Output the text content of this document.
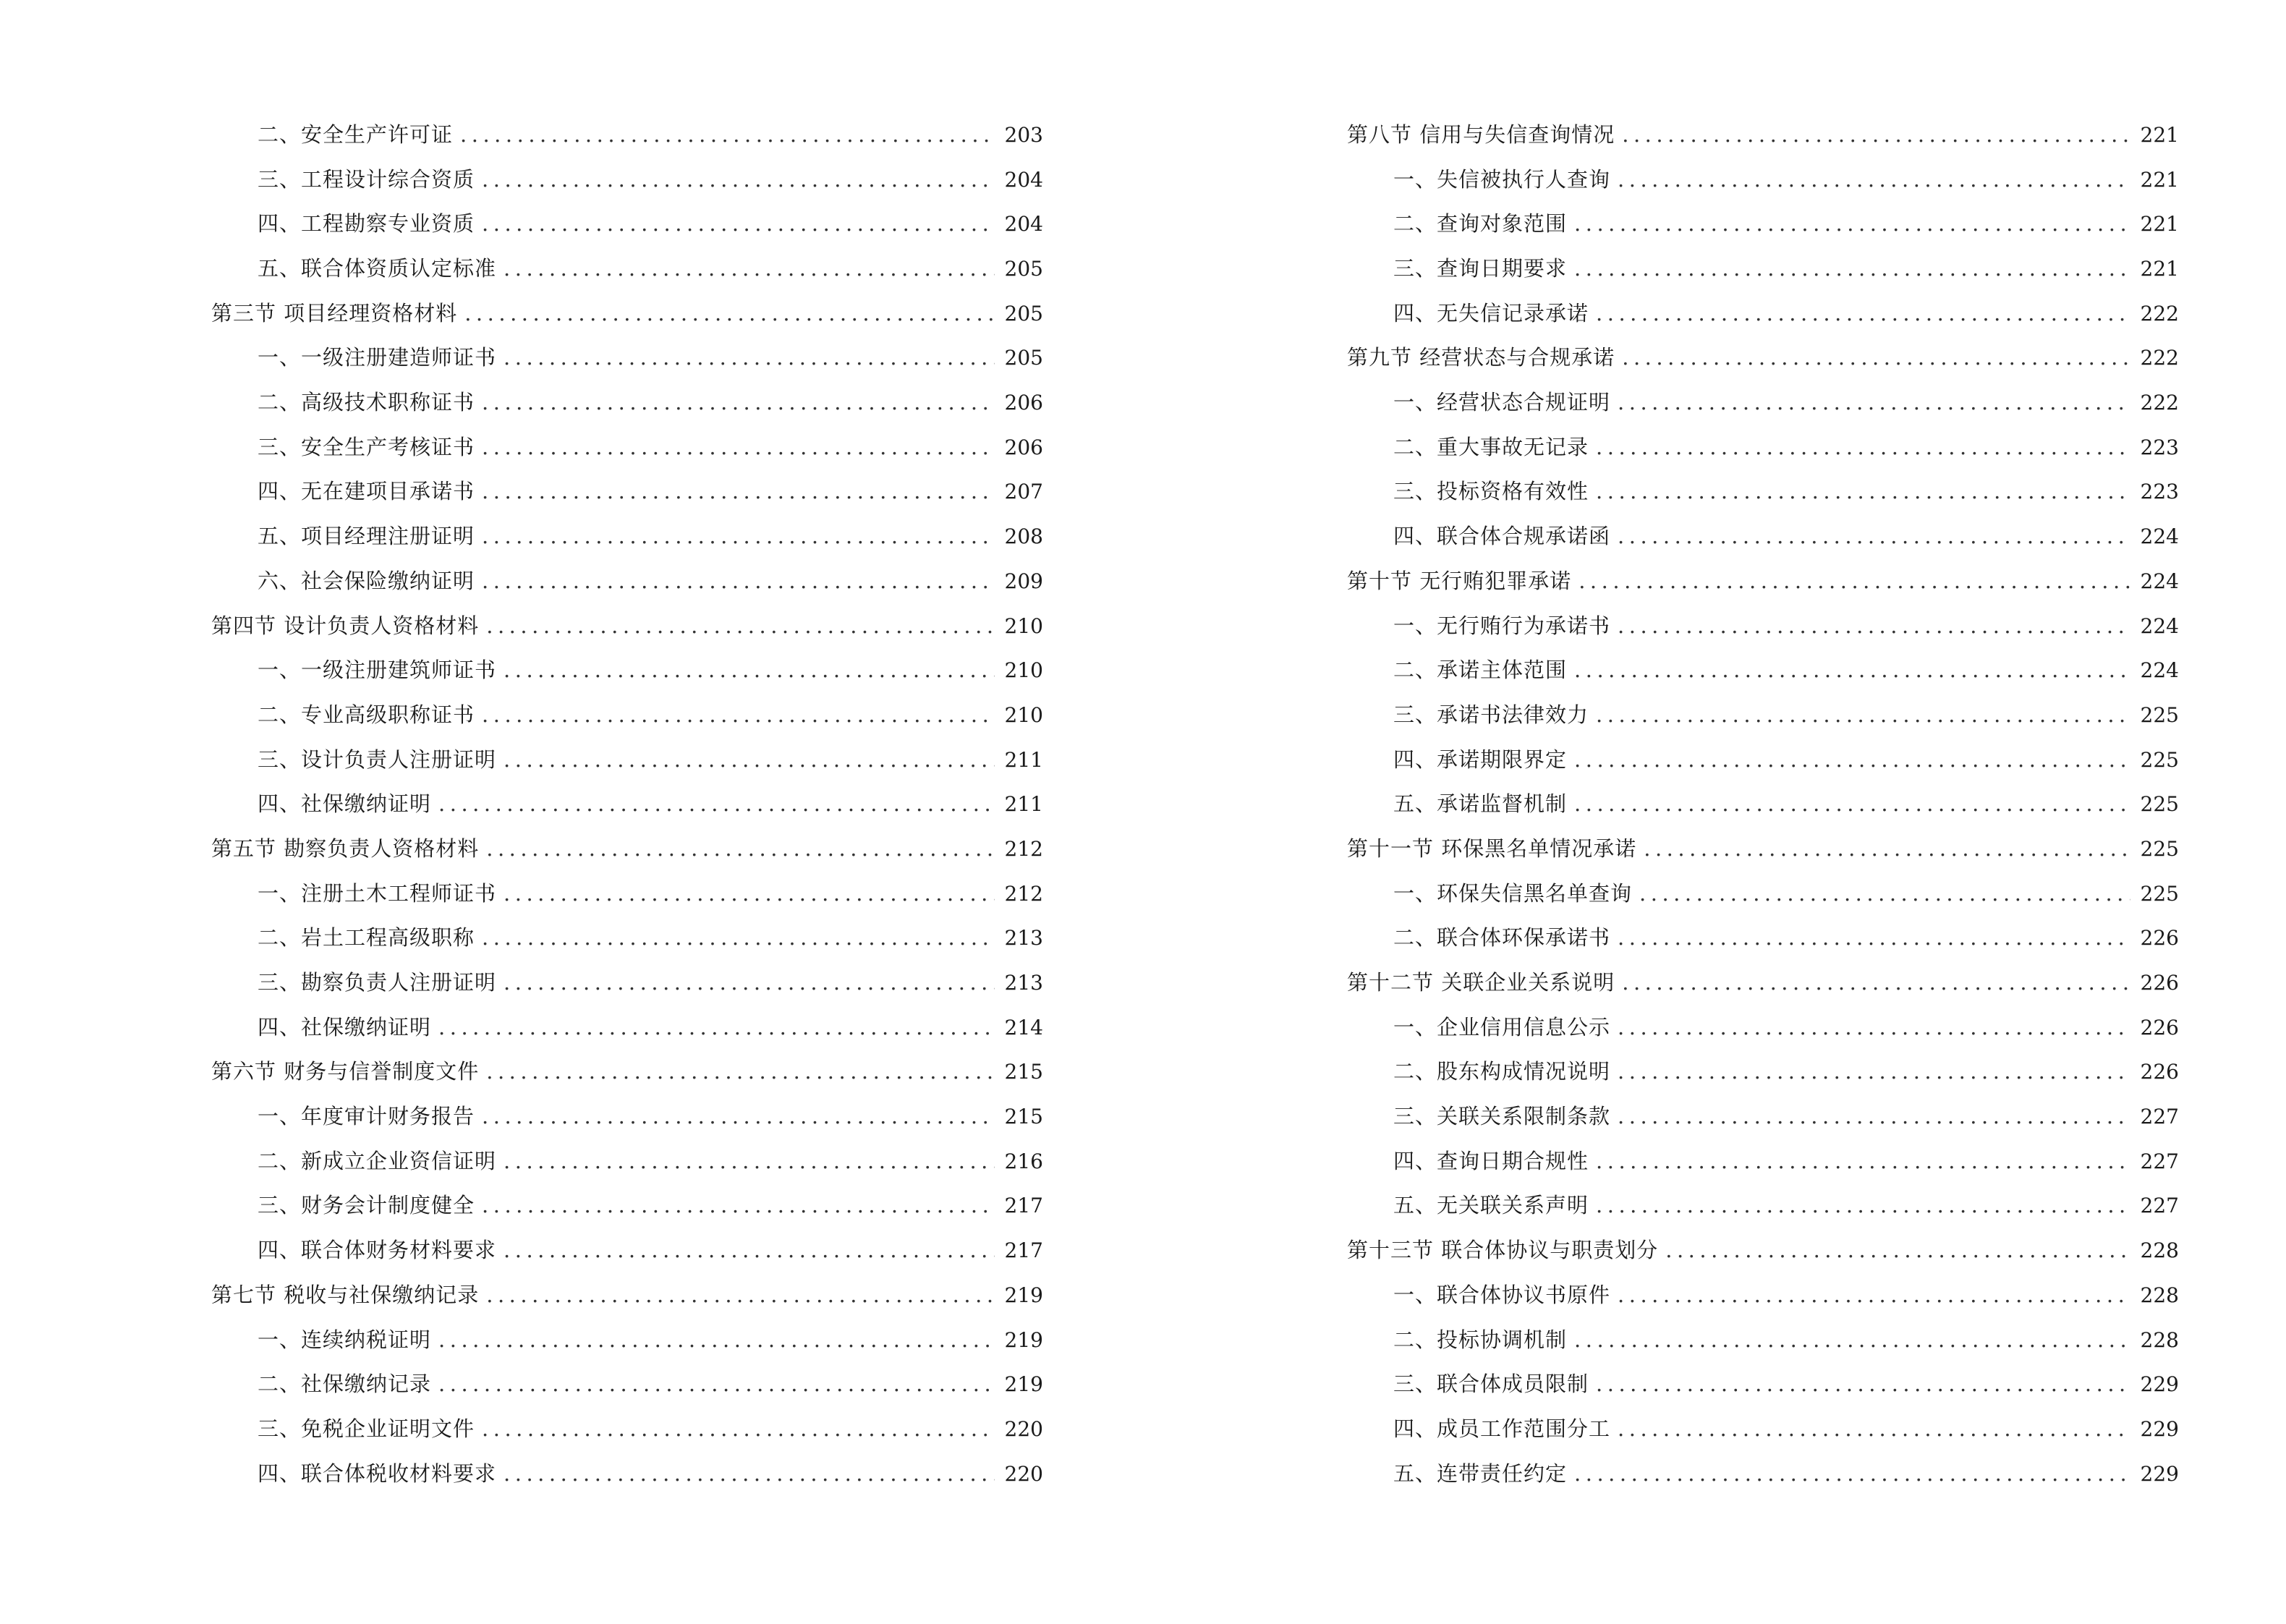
二、安全生产许可证 .....	203
三、工程设计综合资质 .....	204
四、工程勘察专业资质 .....	204
五、联合体资质认定标准 .....	205
第三节 项目经理资格材料 .....	205
一、一级注册建造师证书 .....	205
二、高级技术职称证书 .....	206
三、安全生产考核证书 .....	206
四、无在建项目承诺书 .....	207
五、项目经理注册证明 .....	208
六、社会保险缴纳证明 .....	209
第四节 设计负责人资格材料 .....	210
一、一级注册建筑师证书 .....	210
二、专业高级职称证书 .....	210
三、设计负责人注册证明 .....	211
四、社保缴纳证明 .....	211
第五节 勘察负责人资格材料 .....	212
一、注册土木工程师证书 .....	212
二、岩土工程高级职称 .....	213
三、勘察负责人注册证明 .....	213
四、社保缴纳证明 .....	214
第六节 财务与信誉制度文件 .....	215
一、年度审计财务报告 .....	215
二、新成立企业资信证明 .....	216
三、财务会计制度健全 .....	217
四、联合体财务材料要求 .....	217
第七节 税收与社保缴纳记录 .....	219
一、连续纳税证明 .....	219
二、社保缴纳记录 .....	219
三、免税企业证明文件 .....	220
四、联合体税收材料要求 .....	220
第八节 信用与失信查询情况 .....	221
一、失信被执行人查询 .....	221
二、查询对象范围 .....	221
三、查询日期要求 .....	221
四、无失信记录承诺 .....	222
第九节 经营状态与合规承诺 .....	222
一、经营状态合规证明 .....	222
二、重大事故无记录 .....	223
三、投标资格有效性 .....	223
四、联合体合规承诺函 .....	224
第十节 无行贿犯罪承诺 .....	224
一、无行贿行为承诺书 .....	224
二、承诺主体范围 .....	224
三、承诺书法律效力 .....	225
四、承诺期限界定 .....	225
五、承诺监督机制 .....	225
第十一节 环保黑名单情况承诺 .....	225
一、环保失信黑名单查询 .....	225
二、联合体环保承诺书 .....	226
第十二节 关联企业关系说明 .....	226
一、企业信用信息公示 .....	226
二、股东构成情况说明 .....	226
三、关联关系限制条款 .....	227
四、查询日期合规性 .....	227
五、无关联关系声明 .....	227
第十三节 联合体协议与职责划分 .....	228
一、联合体协议书原件 .....	228
二、投标协调机制 .....	228
三、联合体成员限制 .....	229
四、成员工作范围分工 .....	229
五、连带责任约定 .....	229
